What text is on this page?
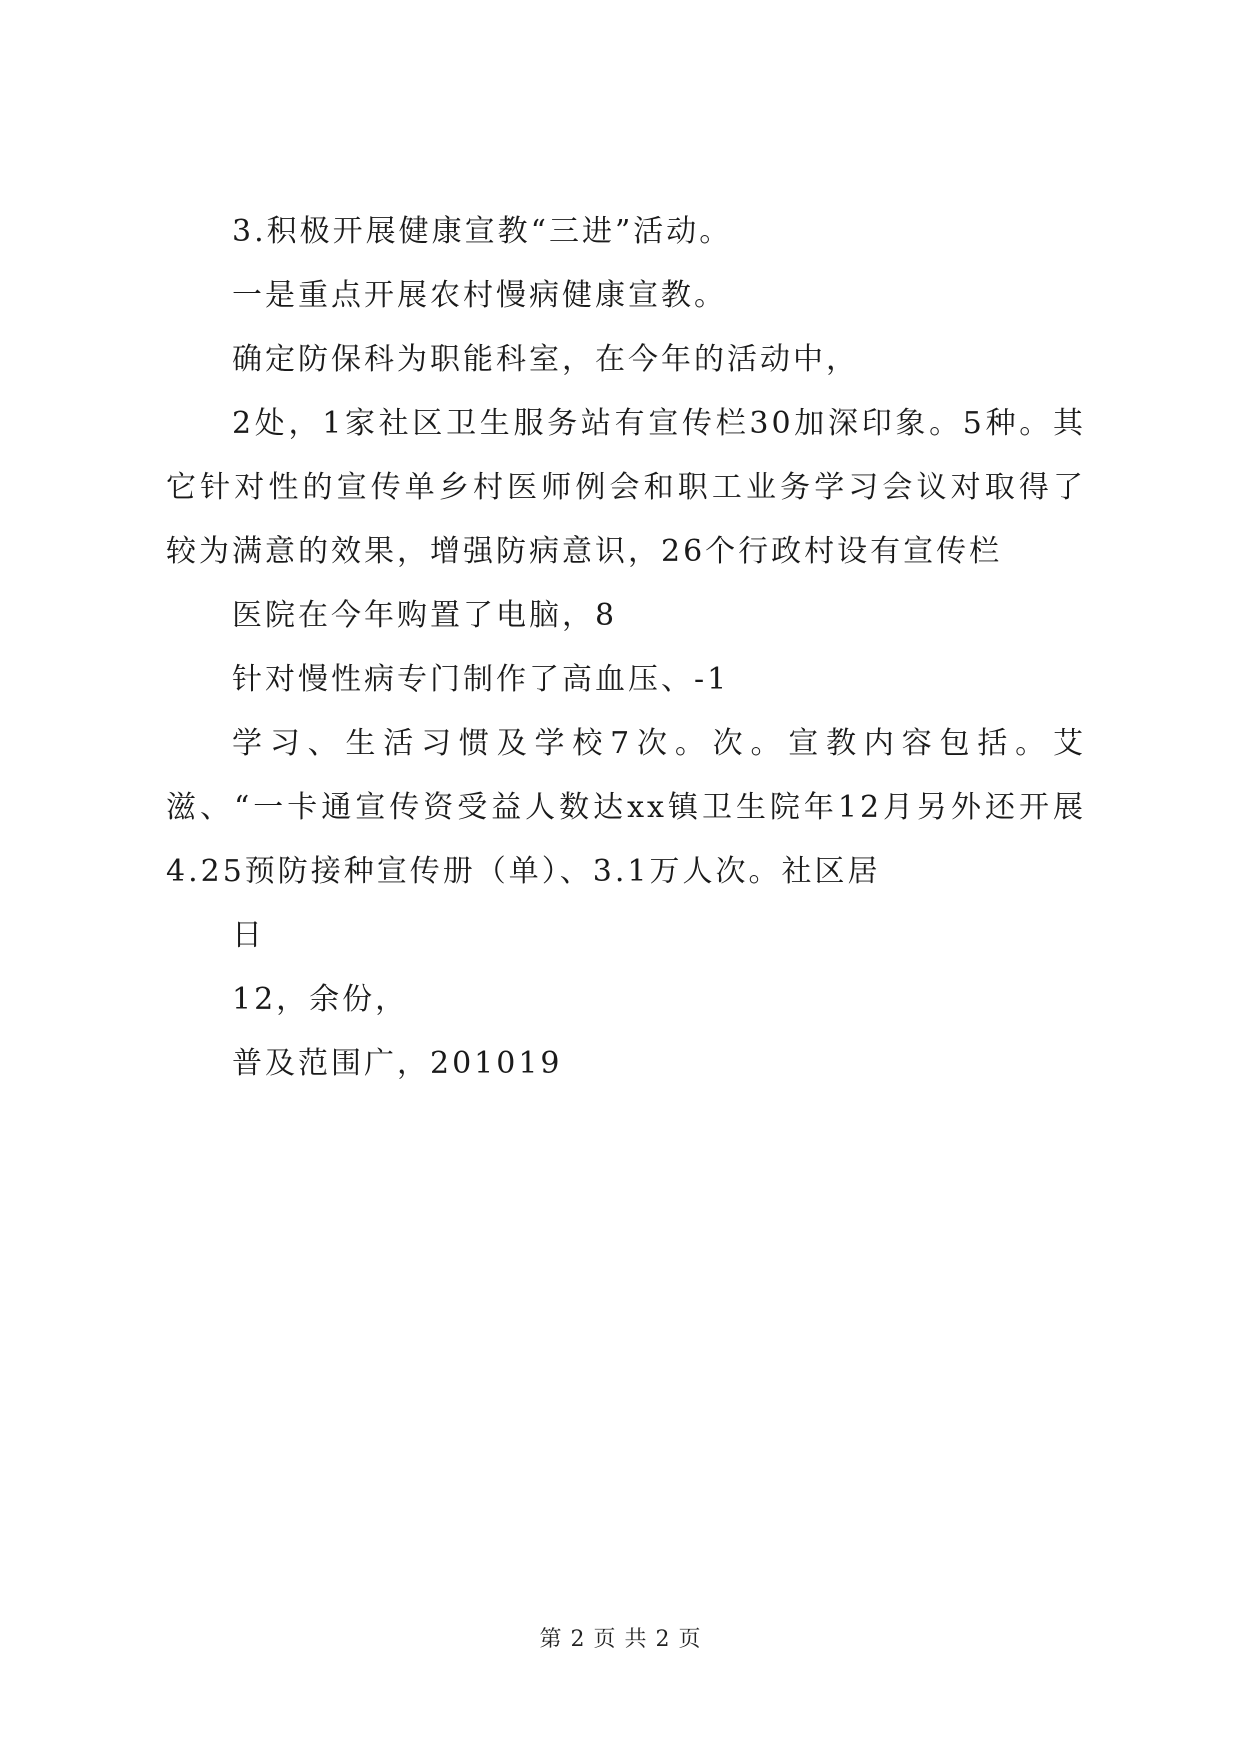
3.积极开展健康宣教“三进”活动。

一是重点开展农村慢病健康宣教。

确定防保科为职能科室，在今年的活动中，

2处，1家社区卫生服务站有宣传栏30加深印象。5种。其它针对性的宣传单乡村医师例会和职工业务学习会议对取得了较为满意的效果，增强防病意识，26个行政村设有宣传栏

医院在今年购置了电脑，8

针对慢性病专门制作了高血压、-1

学习、生活习惯及学校7次。次。宣教内容包括。艾滋、“一卡通宣传资受益人数达xx镇卫生院年12月另外还开展4.25预防接种宣传册（单）、3.1万人次。社区居

日

12，余份，

普及范围广，201019

第 2 页 共 2 页
